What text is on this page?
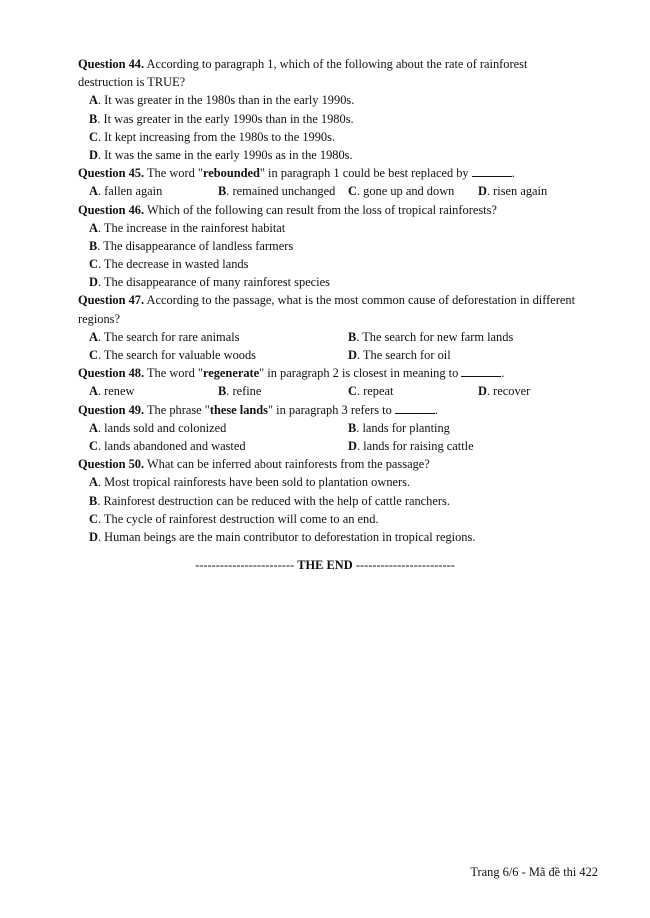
Question 44. According to paragraph 1, which of the following about the rate of rainforest
destruction is TRUE?
A. It was greater in the 1980s than in the early 1990s.
B. It was greater in the early 1990s than in the 1980s.
C. It kept increasing from the 1980s to the 1990s.
D. It was the same in the early 1990s as in the 1980s.
Question 45. The word "rebounded" in paragraph 1 could be best replaced by	.
A. fallen again	B. remained unchanged C. gone up and down D. risen again
Question 46. Which of the following can result from the loss of tropical rainforests?
A. The increase in the rainforest habitat
B. The disappearance of landless farmers
C. The decrease in wasted lands
D. The disappearance of many rainforest species
Question 47. According to the passage, what is the most common cause of deforestation in different
regions?
A. The search for rare animals	B. The search for new farm lands
C. The search for valuable woods	D. The search for oil
Question 48. The word "regenerate" in paragraph 2 is closest in meaning to	.
A. renew	B. refine	C. repeat	D. recover
Question 49. The phrase "these lands" in paragraph 3 refers to	.
A. lands sold and colonized	B. lands for planting
C. lands abandoned and wasted	D. lands for raising cattle
Question 50. What can be inferred about rainforests from the passage?
A. Most tropical rainforests have been sold to plantation owners.
B. Rainforest destruction can be reduced with the help of cattle ranchers.
C. The cycle of rainforest destruction will come to an end.
D. Human beings are the main contributor to deforestation in tropical regions.
------------------------ THE END ------------------------
Trang 6/6 - Mã đề thi 422
